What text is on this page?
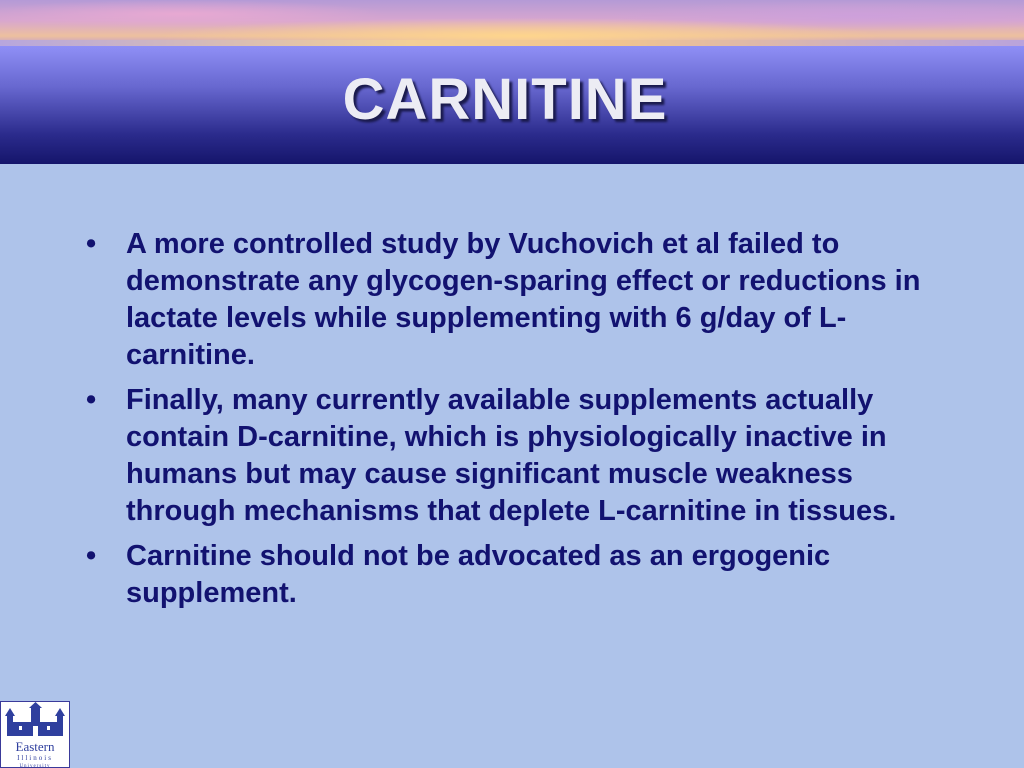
CARNITINE
• A more controlled study by Vuchovich et al failed to demonstrate any glycogen-sparing effect or reductions in lactate levels while supplementing with 6 g/day of L-carnitine.
• Finally, many currently available supplements actually contain D-carnitine, which is physiologically inactive in humans but may cause significant muscle weakness through mechanisms that deplete L-carnitine in tissues.
• Carnitine should not be advocated as an ergogenic supplement.
Eastern
Illinois
University
